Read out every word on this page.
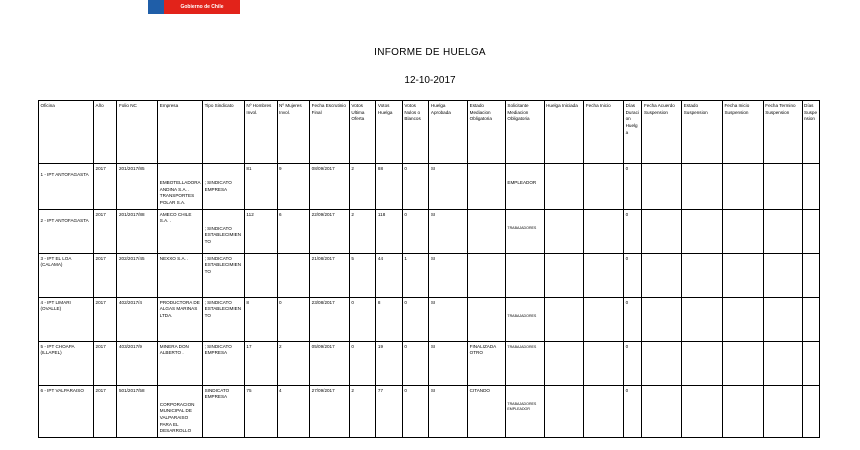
Gobierno de Chile
INFORME DE HUELGA
12-10-2017
Oficina	Año	Folio NC	Empresa	Tipo Sindicato	Nº Hombres Invol.	Nº Mujeres Invol.	Fecha Escrutinio Final	Votos Ultima Oferta	Votos Huelga	Votos Nulos o Blancos	Huelga Aprobada	Estado Mediacion Obligatoria	Solicitante Mediacion Obligatoria	Huelga Iniciada	Fecha Inicio	Días Duracion Huelga	Fecha Acuerdo Suspension	Estado Suspension	Fecha Inicio Suspension	Fecha Termino Suspension	Días Suspension

1 - IPT ANTOFAGASTA	2017	201/2017/85	EMBOTELLADORA ANDINA S.A. . TRANSPORTES POLAR S.A.	; SINDICATO EMPRESA	81	9	08/09/2017	2	88	0	SI		EMPLEADOR			0					

2 - IPT ANTOFAGASTA	2017	201/2017/88	AMECO CHILE S.A. .	; SINDICATO ESTABLECIMIENTO	112	6	22/09/2017	2	118	0	SI		TRABAJADORES			0					
3 - IPT EL LOA (CALAMA)	2017	202/2017/45	NEXXO S.A. .	; SINDICATO ESTABLECIMIENTO			21/08/2017	5	44	1	SI					0					
4 - IPT LIMARI (OVALLE)	2017	402/2017/4	PRODUCTORA DE ALGAS MARINAS LTDA.	; SINDICATO ESTABLECIMIENTO	8	0	23/08/2017	0	8	0	SI		TRABAJADORES			0					
5 - IPT CHOAPA (ILLAPEL)	2017	403/2017/9	MINERA DON ALBERTO .	; SINDICATO EMPRESA	17	2	05/09/2017	0	19	0	SI	FINALIZADA OTRO	TRABAJADORES			0					
6 - IPT VALPARAISO	2017	501/2017/58	CORPORACION MUNICIPAL DE VALPARAISO PARA EL DESARROLLO	SINDICATO EMPRESA	75	4	27/09/2017	2	77	0	SI	CITANDO	TRABAJADORES EMPLEADOR			0					
